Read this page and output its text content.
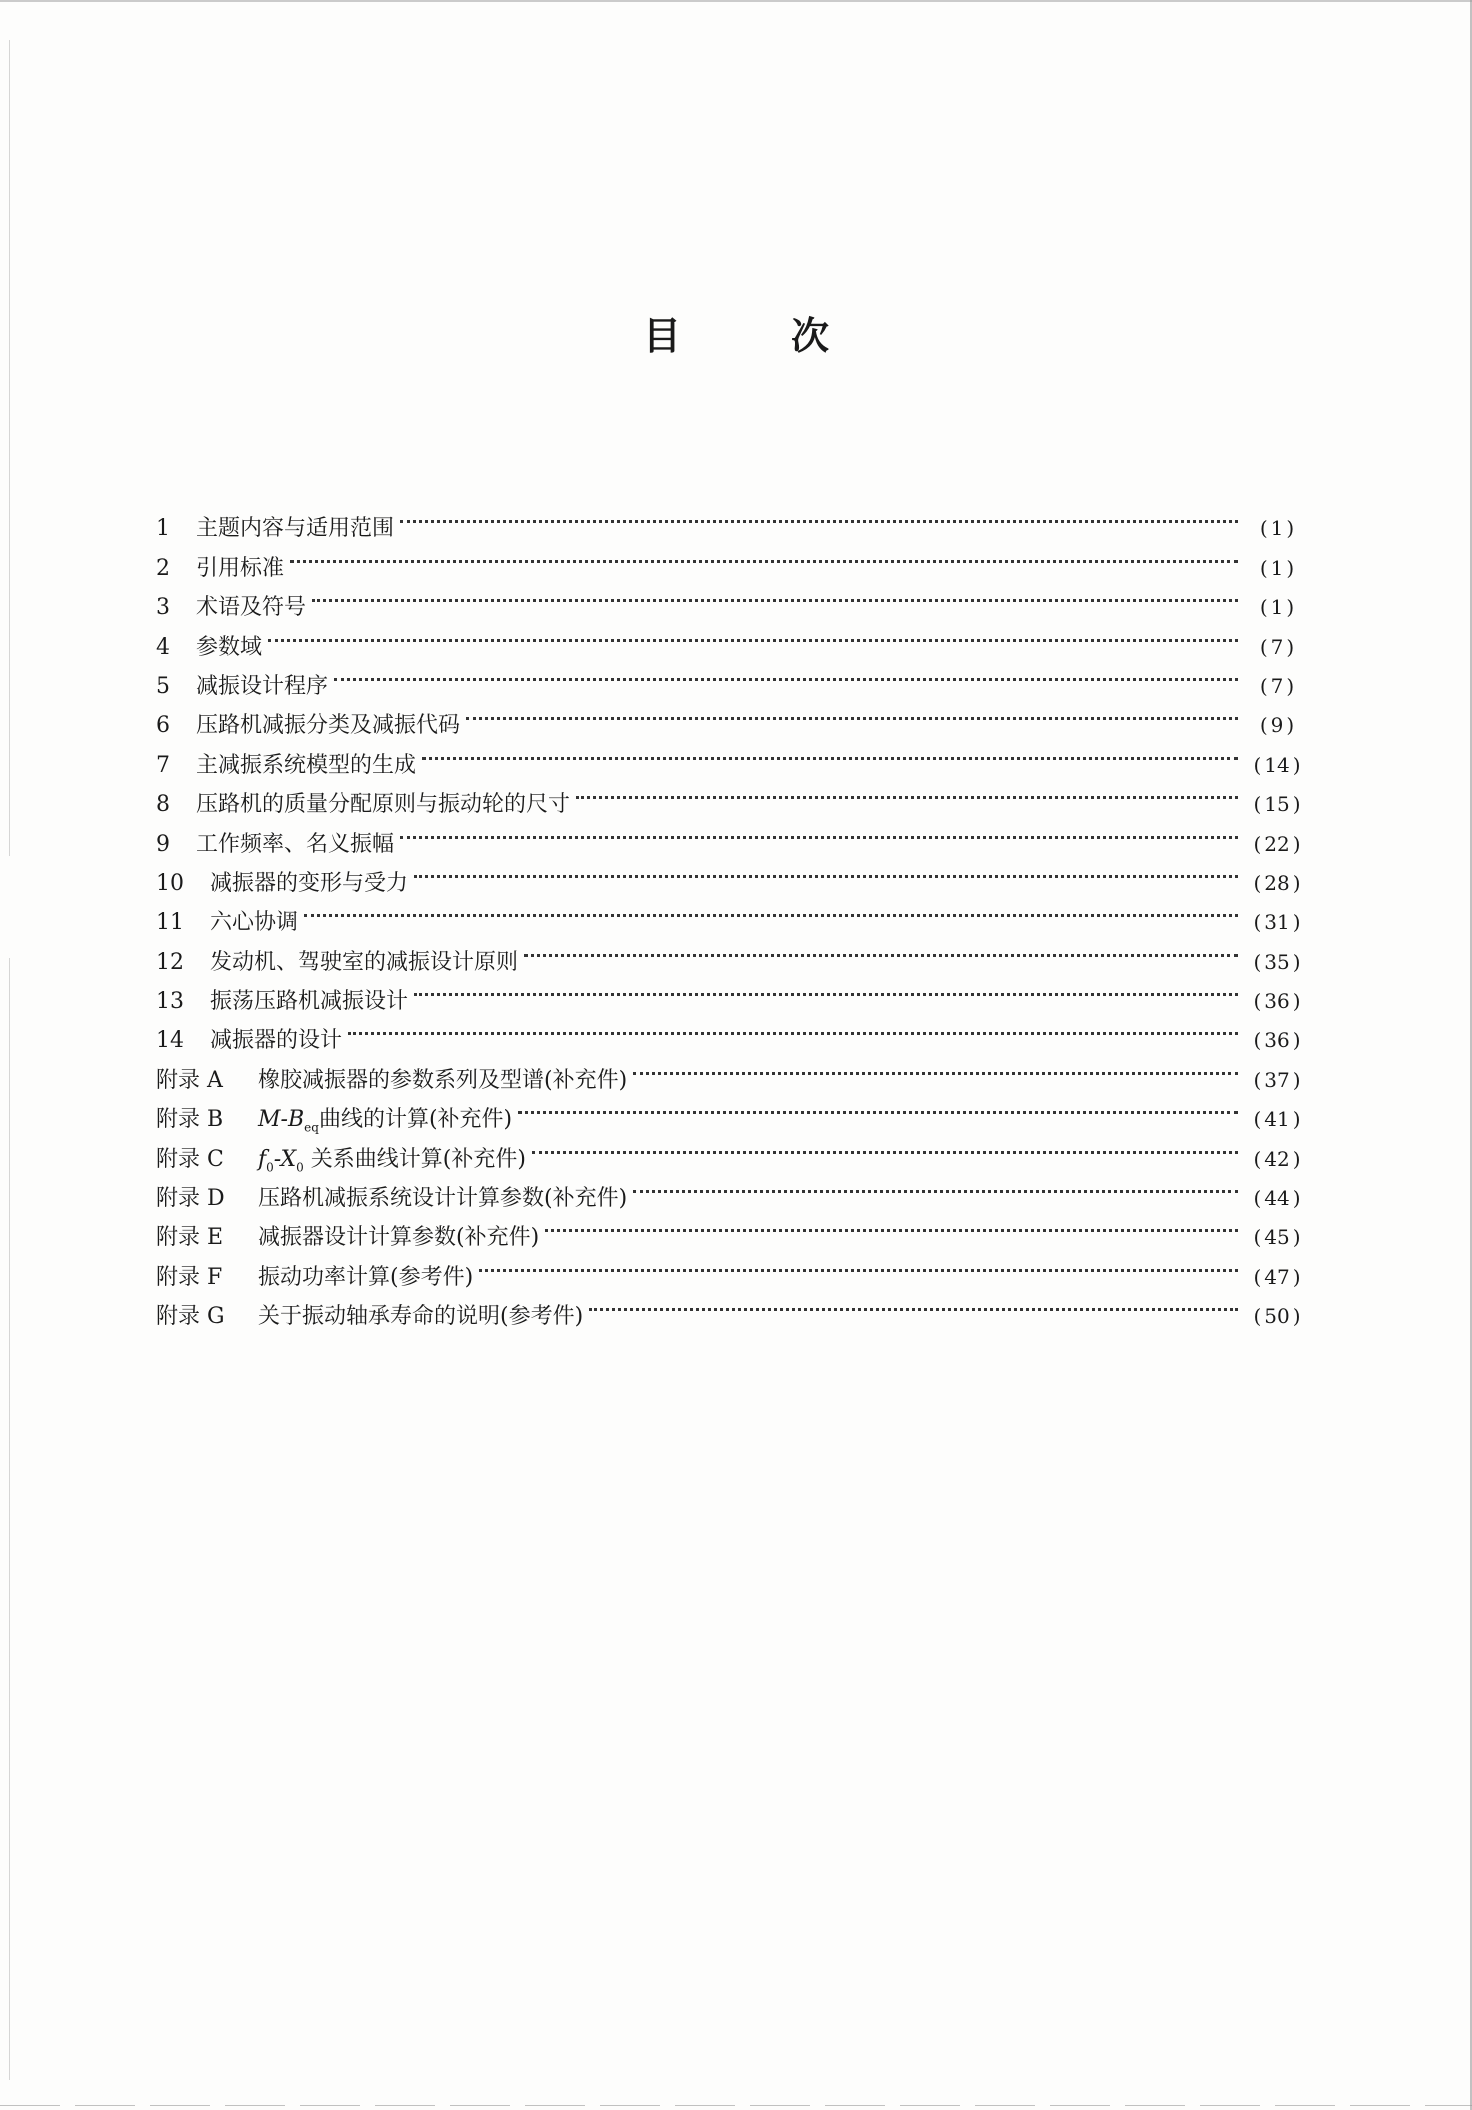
目	次
1	主题内容与适用范围	( 1 )
2	引用标准	( 1 )
3	术语及符号	( 1 )
4	参数域	( 7 )
5	减振设计程序	( 7 )
6	压路机减振分类及减振代码	( 9 )
7	主减振系统模型的生成	( 14 )
8	压路机的质量分配原则与振动轮的尺寸	( 15 )
9	工作频率、名义振幅	( 22 )
10	减振器的变形与受力	( 28 )
11	六心协调	( 31 )
12	发动机、驾驶室的减振设计原则	( 35 )
13	振荡压路机减振设计	( 36 )
14	减振器的设计	( 36 )
附录 A	橡胶减振器的参数系列及型谱(补充件)	( 37 )
附录 B	$M-B_{eq}$曲线的计算(补充件)	( 41 )
附录 C	$f_0-X_0$ 关系曲线计算(补充件)	( 42 )
附录 D	压路机减振系统设计计算参数(补充件)	( 44 )
附录 E	减振器设计计算参数(补充件)	( 45 )
附录 F	振动功率计算(参考件)	( 47 )
附录 G	关于振动轴承寿命的说明(参考件)	( 50 )
